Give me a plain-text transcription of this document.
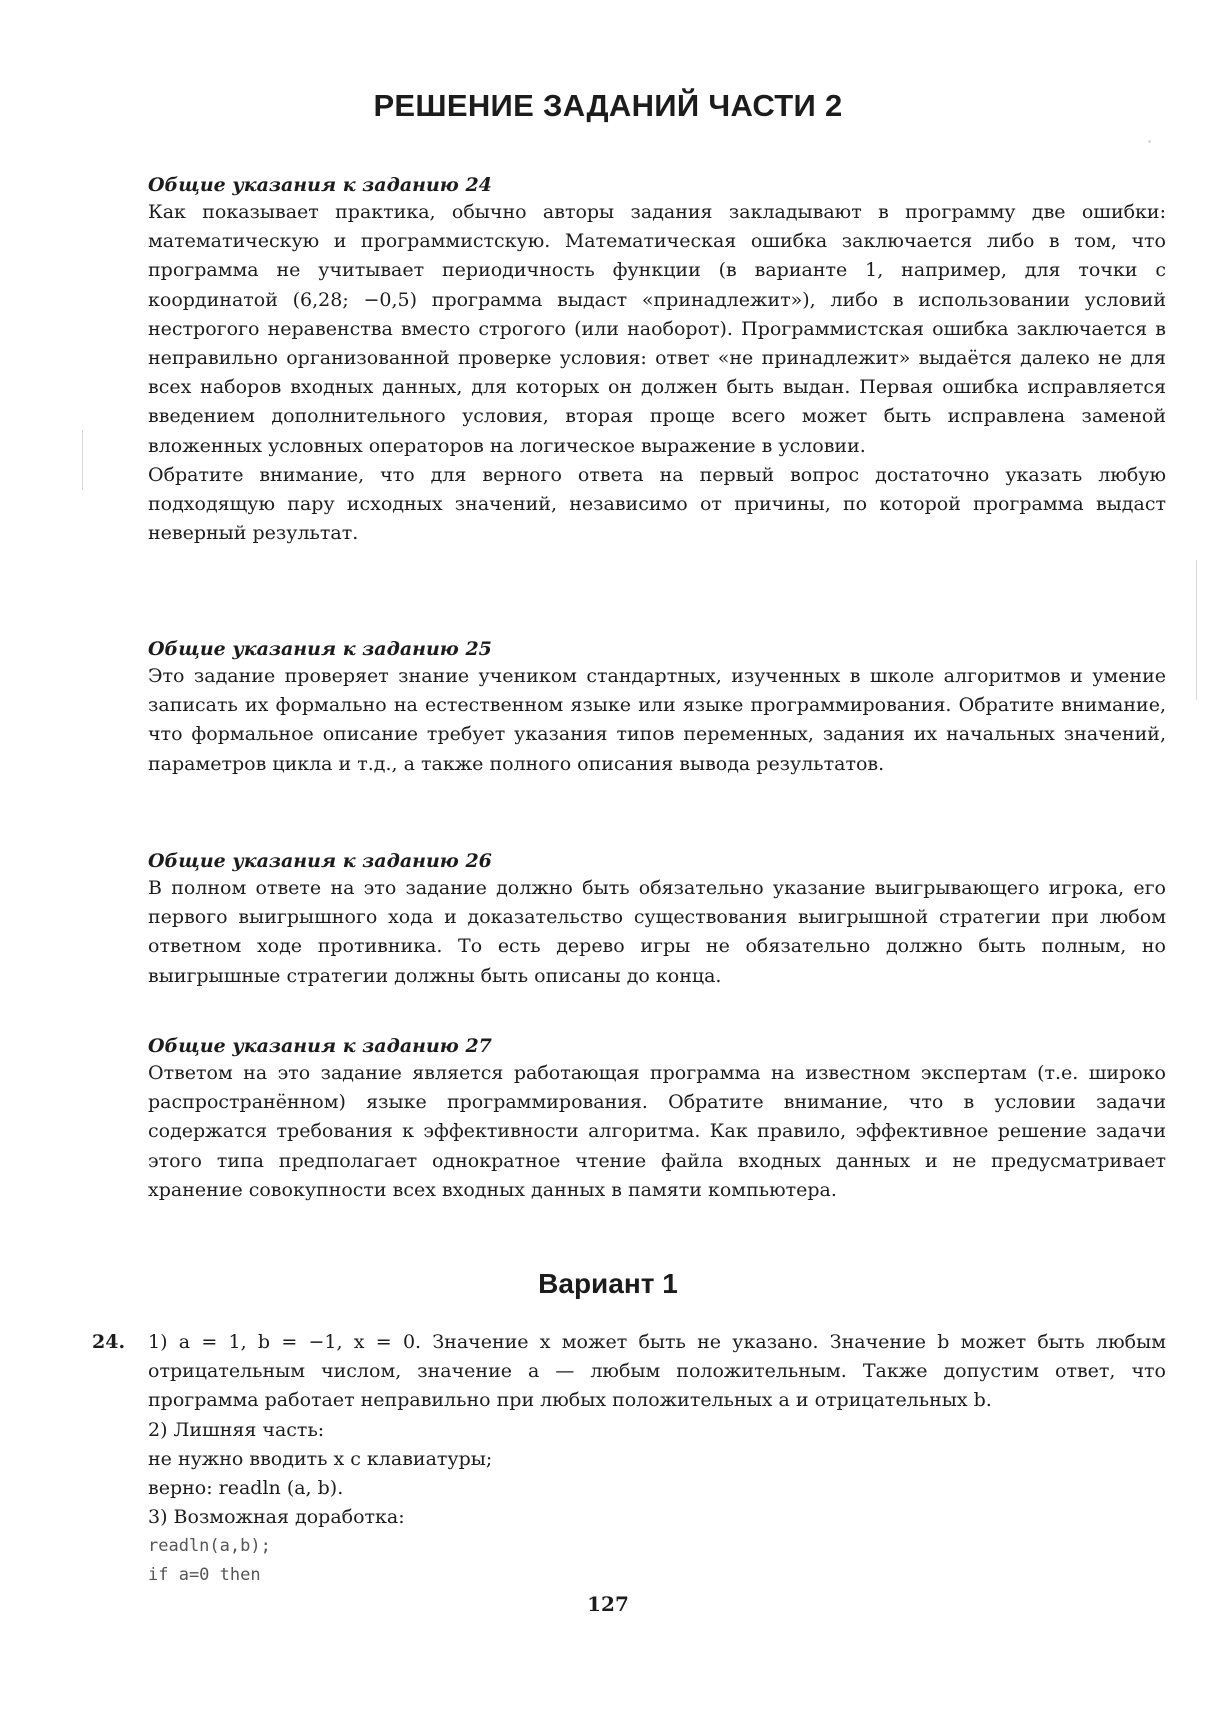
РЕШЕНИЕ ЗАДАНИЙ ЧАСТИ 2

Общие указания к заданию 24

Как показывает практика, обычно авторы задания закладывают в программу две ошибки: математическую и программистскую. Математическая ошибка заключается либо в том, что программа не учитывает периодичность функции (в варианте 1, например, для точки с координатой (6,28; −0,5) программа выдаст «принадлежит»), либо в использовании условий нестрогого неравенства вместо строгого (или наоборот). Программистская ошибка заключается в неправильно организованной проверке условия: ответ «не принадлежит» выдаётся далеко не для всех наборов входных данных, для которых он должен быть выдан. Первая ошибка исправляется введением дополнительного условия, вторая проще всего может быть исправлена заменой вложенных условных операторов на логическое выражение в условии.

Обратите внимание, что для верного ответа на первый вопрос достаточно указать любую подходящую пару исходных значений, независимо от причины, по которой программа выдаст неверный результат.

Общие указания к заданию 25

Это задание проверяет знание учеником стандартных, изученных в школе алгоритмов и умение записать их формально на естественном языке или языке программирования. Обратите внимание, что формальное описание требует указания типов переменных, задания их начальных значений, параметров цикла и т.д., а также полного описания вывода результатов.

Общие указания к заданию 26

В полном ответе на это задание должно быть обязательно указание выигрывающего игрока, его первого выигрышного хода и доказательство существования выигрышной стратегии при любом ответном ходе противника. То есть дерево игры не обязательно должно быть полным, но выигрышные стратегии должны быть описаны до конца.

Общие указания к заданию 27

Ответом на это задание является работающая программа на известном экспертам (т.е. широко распространённом) языке программирования. Обратите внимание, что в условии задачи содержатся требования к эффективности алгоритма. Как правило, эффективное решение задачи этого типа предполагает однократное чтение файла входных данных и не предусматривает хранение совокупности всех входных данных в памяти компьютера.

Вариант 1
24. 1) a = 1, b = −1, x = 0. Значение x может быть не указано. Значение b может быть любым отрицательным числом, значение a — любым положительным. Также допустим ответ, что программа работает неправильно при любых положительных a и отрицательных b.

2) Лишняя часть:
не нужно вводить x с клавиатуры;
верно: readln (a, b).
3) Возможная доработка:
readln(a,b);
if a=0 then
127
